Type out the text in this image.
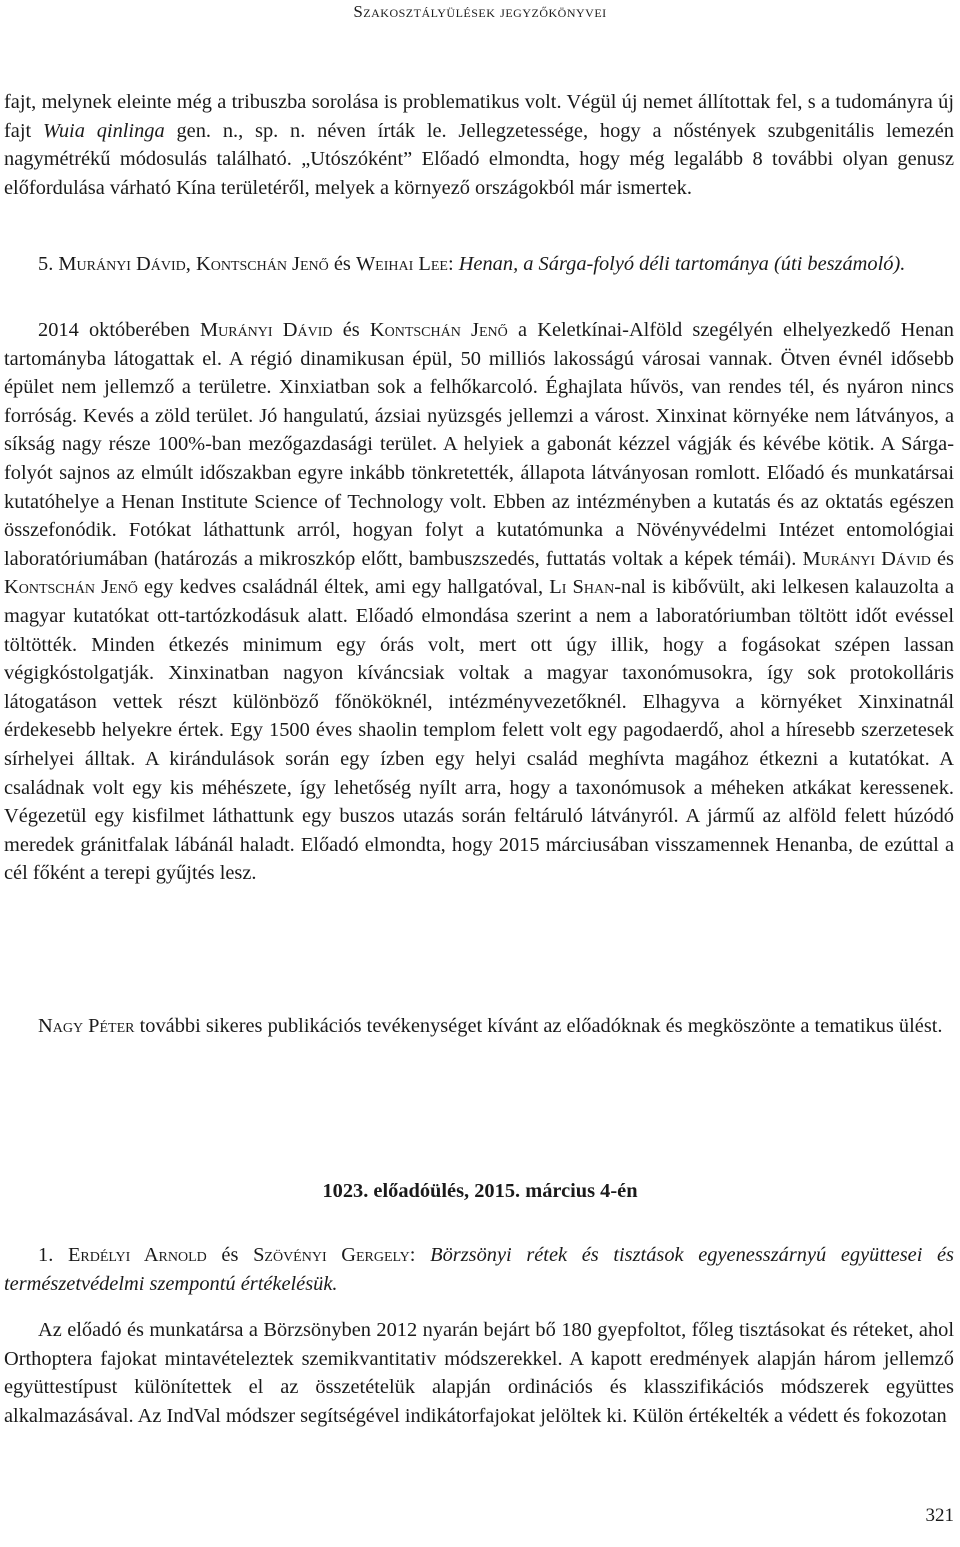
Szakosztályülések jegyzőkönyvei

fajt, melynek eleinte még a tribuszba sorolása is problematikus volt. Végül új nemet állítottak fel, s a tudományra új fajt Wuia qinlinga gen. n., sp. n. néven írták le. Jellegzetessége, hogy a nőstények szubgenitális lemezén nagymétrékű módosulás található. „Utószóként” Előadó elmondta, hogy még legalább 8 további olyan genusz előfordulása várható Kína területéről, melyek a környező országokból már ismertek.

5. Murányi Dávid, Kontschán Jenő és Weihai Lee: Henan, a Sárga-folyó déli tartománya (úti beszámoló).

2014 októberében Murányi Dávid és Kontschán Jenő a Keletkínai-Alföld szegélyén elhelyezkedő Henan tartományba látogattak el. A régió dinamikusan épül, 50 milliós lakosságú városai vannak. Ötven évnél idősebb épület nem jellemző a területre. Xinxiatban sok a felhőkarcoló. Éghajlata hűvös, van rendes tél, és nyáron nincs forróság. Kevés a zöld terület. Jó hangulatú, ázsiai nyüzsgés jellemzi a várost. Xinxinat környéke nem látványos, a síkság nagy része 100%-ban mezőgazdasági terület. A helyiek a gabonát kézzel vágják és kévébe kötik. A Sárga-folyót sajnos az elmúlt időszakban egyre inkább tönkretették, állapota látványosan romlott. Előadó és munkatársai kutatóhelye a Henan Institute Science of Technology volt. Ebben az intézményben a kutatás és az oktatás egészen összefonódik. Fotókat láthattunk arról, hogyan folyt a kutatómunka a Növényvédelmi Intézet entomológiai laboratóriumában (határozás a mikroszkóp előtt, bambuszszedés, futtatás voltak a képek témái). Murányi Dávid és Kontschán Jenő egy kedves családnál éltek, ami egy hallgatóval, Li Shan-nal is kibővült, aki lelkesen kalauzolta a magyar kutatókat ott-tartózkodásuk alatt. Előadó elmondása szerint a nem a laboratóriumban töltött időt evéssel töltötték. Minden étkezés minimum egy órás volt, mert ott úgy illik, hogy a fogásokat szépen lassan végigkóstolgatják. Xinxinatban nagyon kíváncsiak voltak a magyar taxonómusokra, így sok protokolláris látogatáson vettek részt különböző főnököknél, intézményvezetőknél. Elhagyva a környéket Xinxinatnál érdekesebb helyekre értek. Egy 1500 éves shaolin templom felett volt egy pagodaerdő, ahol a híresebb szerzetesek sírhelyei álltak. A kirándulások során egy ízben egy helyi család meghívta magához étkezni a kutatókat. A családnak volt egy kis méhészete, így lehetőség nyílt arra, hogy a taxonómusok a méheken atkákat keressenek. Végezetül egy kisfilmet láthattunk egy buszos utazás során feltáruló látványról. A jármű az alföld felett húzódó meredek gránitfalak lábánál haladt. Előadó elmondta, hogy 2015 márciusában visszamennek Henanba, de ezúttal a cél főként a terepi gyűjtés lesz.

Nagy Péter további sikeres publikációs tevékenységet kívánt az előadóknak és megköszönte a tematikus ülést.

1023. előadóülés, 2015. március 4-én

1. Erdélyi Arnold és Szövényi Gergely: Börzsönyi rétek és tisztások egyenesszárnyú együttesei és természetvédelmi szempontú értékelésük.

Az előadó és munkatársa a Börzsönyben 2012 nyarán bejárt bő 180 gyepfoltot, főleg tisztásokat és réteket, ahol Orthoptera fajokat mintavételeztek szemikvantitativ módszerekkel. A kapott eredmények alapján három jellemző együttestípust különítettek el az összetételük alapján ordinációs és klasszifikációs módszerek együttes alkalmazásával. Az IndVal módszer segítségével indikátorfajokat jelöltek ki. Külön értékelték a védett és fokozotan

321
